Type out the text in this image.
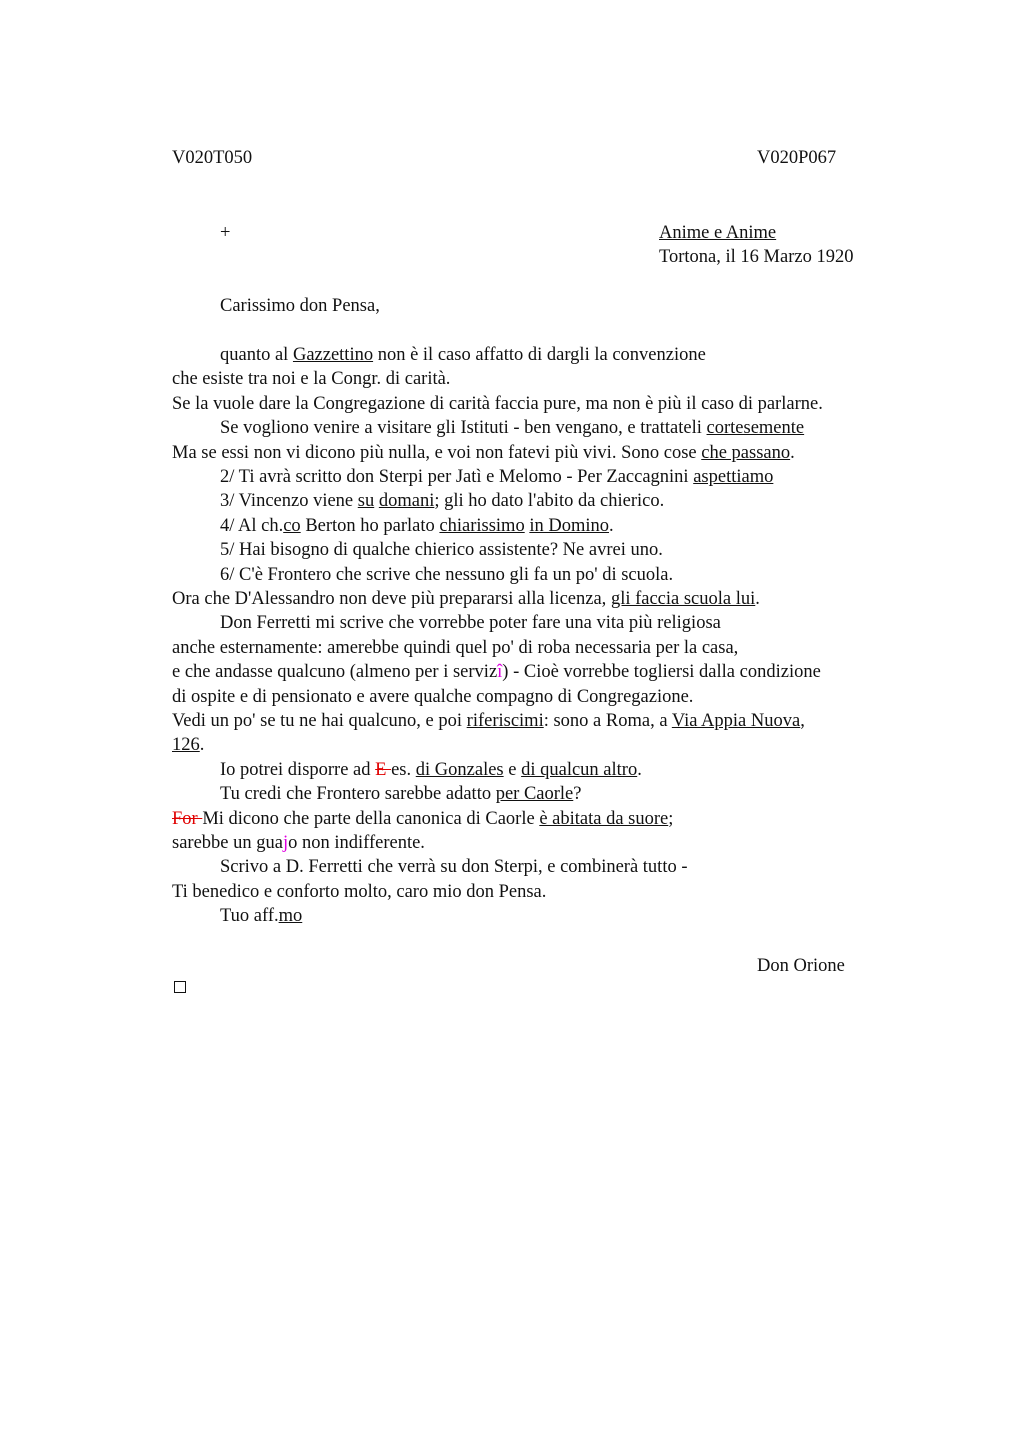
V020T050	V020P067
+	Anime e Anime
Tortona, il 16 Marzo 1920
Carissimo don Pensa,
quanto al Gazzettino non è il caso affatto di dargli la convenzione
che esiste tra noi e la Congr. di carità.
Se la vuole dare la Congregazione di carità faccia pure, ma non è più il caso di parlarne.
Se vogliono venire a visitare gli Istituti - ben vengano, e trattateli cortesemente
Ma se essi non vi dicono più nulla, e voi non fatevi più vivi. Sono cose che passano.
2/ Ti avrà scritto don Sterpi per Jatì e Melomo - Per Zaccagnini aspettiamo
3/ Vincenzo viene su domani; gli ho dato l'abito da chierico.
4/ Al ch.co Berton ho parlato chiarissimo in Domino.
5/ Hai bisogno di qualche chierico assistente? Ne avrei uno.
6/ C'è Frontero che scrive che nessuno gli fa un po' di scuola.
Ora che D'Alessandro non deve più prepararsi alla licenza, gli faccia scuola lui.
Don Ferretti mi scrive che vorrebbe poter fare una vita più religiosa
anche esternamente: amerebbe quindi quel po' di roba necessaria per la casa,
e che andasse qualcuno (almeno per i servizî) - Cioè vorrebbe togliersi dalla condizione
di ospite e di pensionato e avere qualche compagno di Congregazione.
Vedi un po' se tu ne hai qualcuno, e poi riferiscimi: sono a Roma, a Via Appia Nuova,
126.
Io potrei disporre ad E es. di Gonzales e di qualcun altro.
Tu credi che Frontero sarebbe adatto per Caorle?
For Mi dicono che parte della canonica di Caorle è abitata da suore;
sarebbe un guajo non indifferente.
Scrivo a D. Ferretti che verrà su don Sterpi, e combinerà tutto -
Ti benedico e conforto molto, caro mio don Pensa.
Tuo aff.mo
Don Orione
